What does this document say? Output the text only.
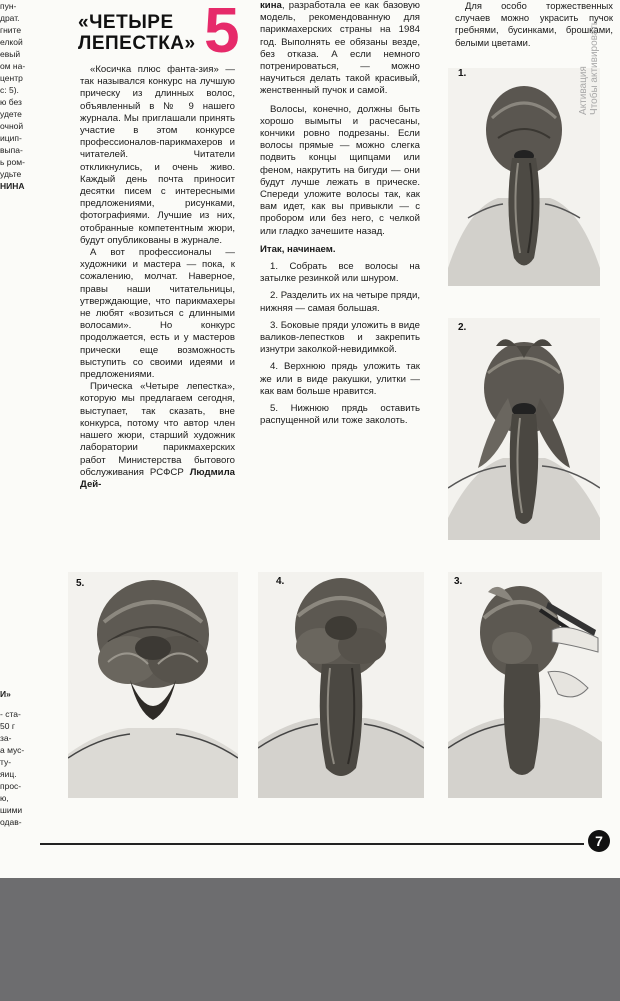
пун-
драт.
гните
елкой
евый
ом на-
центр
с: 5).
ю без
удете
очной
ицип-
выпа-
ь ром-
удьте
НИНА
И»
- ста-
50 г
за-
а мус-
ту-
яиц.
прос-
ю,
шими
одав-
«ЧЕТЫРЕ
ЛЕПЕСТКА» 5

«Косичка плюс фанта-зия» — так назывался конкурс на лучшую прическу из длинных волос, объявленный в № 9 нашего журнала. Мы приглашали принять участие в этом конкурсе профессионалов-парикмахеров и читателей. Читатели откликнулись, и очень живо. Каждый день почта приносит десятки писем с интересными предложениями, рисунками, фотографиями. Лучшие из них, отобранные компетентным жюри, будут опубликованы в журнале.

А вот профессионалы — художники и мастера — пока, к сожалению, молчат. Наверное, правы наши читательницы, утверждающие, что парикмахеры не любят «возиться с длинными волосами». Но конкурс продолжается, есть и у мастеров прически еще возможность выступить со своими идеями и предложениями.

Прическа «Четыре лепестка», которую мы предлагаем сегодня, выступает, так сказать, вне конкурса, потому что автор член нашего жюри, старший художник лаборатории парикмахерских работ Министерства бытового обслуживания РСФСР Людмила Дей-

кина, разработала ее как базовую модель, рекомендованную для парикмахерских страны на 1984 год. Выполнять ее обязаны везде, без отказа. А если немного потренироваться, — можно научиться делать такой красивый, женственный пучок и самой.

Волосы, конечно, должны быть хорошо вымыты и расчесаны, кончики ровно подрезаны. Если волосы прямые — можно слегка подвить концы щипцами или феном, накрутить на бигуди — они будут лучше лежать в прическе. Спереди уложите волосы так, как вам идет, как вы привыкли — с пробором или без него, с челкой или гладко зачешите назад.

Итак, начинаем.

1. Собрать все волосы на затылке резинкой или шнуром.

2. Разделить их на четыре пряди, нижняя — самая большая.

3. Боковые пряди уложить в виде валиков-лепестков и закрепить изнутри заколкой-невидимкой.

4. Верхнюю прядь уложить так же или в виде ракушки, улитки — как вам больше нравится.

5. Нижнюю прядь оставить распущенной или тоже заколоть.

Для особо торжественных случаев можно украсить пучок гребнями, бусинками, брошками, белыми цветами.

1.
2.
5.	4.	3.
Активация Чтобы активировать
7
